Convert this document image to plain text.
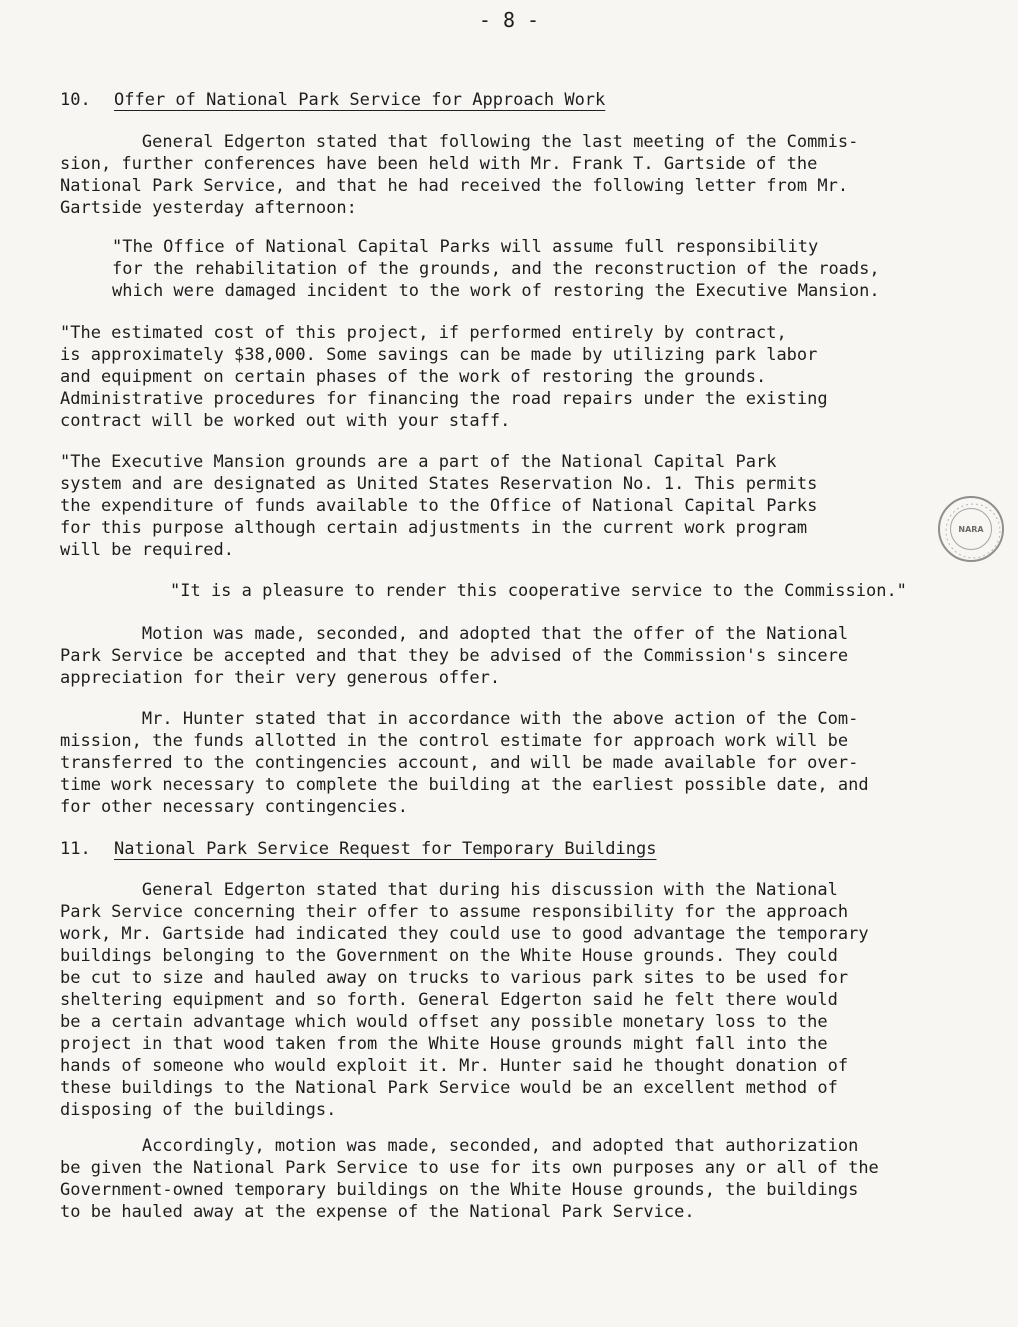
- 8 -
10. Offer of National Park Service for Approach Work
General Edgerton stated that following the last meeting of the Commis-
sion, further conferences have been held with Mr. Frank T. Gartside of the
National Park Service, and that he had received the following letter from Mr.
Gartside yesterday afternoon:
"The Office of National Capital Parks will assume full responsibility
for the rehabilitation of the grounds, and the reconstruction of the roads,
which were damaged incident to the work of restoring the Executive Mansion.
"The estimated cost of this project, if performed entirely by contract,
is approximately $38,000. Some savings can be made by utilizing park labor
and equipment on certain phases of the work of restoring the grounds.
Administrative procedures for financing the road repairs under the existing
contract will be worked out with your staff.
"The Executive Mansion grounds are a part of the National Capital Park
system and are designated as United States Reservation No. 1. This permits
the expenditure of funds available to the Office of National Capital Parks
for this purpose although certain adjustments in the current work program
will be required.
"It is a pleasure to render this cooperative service to the Commission."
Motion was made, seconded, and adopted that the offer of the National
Park Service be accepted and that they be advised of the Commission's sincere
appreciation for their very generous offer.
Mr. Hunter stated that in accordance with the above action of the Com-
mission, the funds allotted in the control estimate for approach work will be
transferred to the contingencies account, and will be made available for over-
time work necessary to complete the building at the earliest possible date, and
for other necessary contingencies.
11. National Park Service Request for Temporary Buildings
General Edgerton stated that during his discussion with the National
Park Service concerning their offer to assume responsibility for the approach
work, Mr. Gartside had indicated they could use to good advantage the temporary
buildings belonging to the Government on the White House grounds. They could
be cut to size and hauled away on trucks to various park sites to be used for
sheltering equipment and so forth. General Edgerton said he felt there would
be a certain advantage which would offset any possible monetary loss to the
project in that wood taken from the White House grounds might fall into the
hands of someone who would exploit it. Mr. Hunter said he thought donation of
these buildings to the National Park Service would be an excellent method of
disposing of the buildings.
Accordingly, motion was made, seconded, and adopted that authorization
be given the National Park Service to use for its own purposes any or all of the
Government-owned temporary buildings on the White House grounds, the buildings
to be hauled away at the expense of the National Park Service.
NARA
